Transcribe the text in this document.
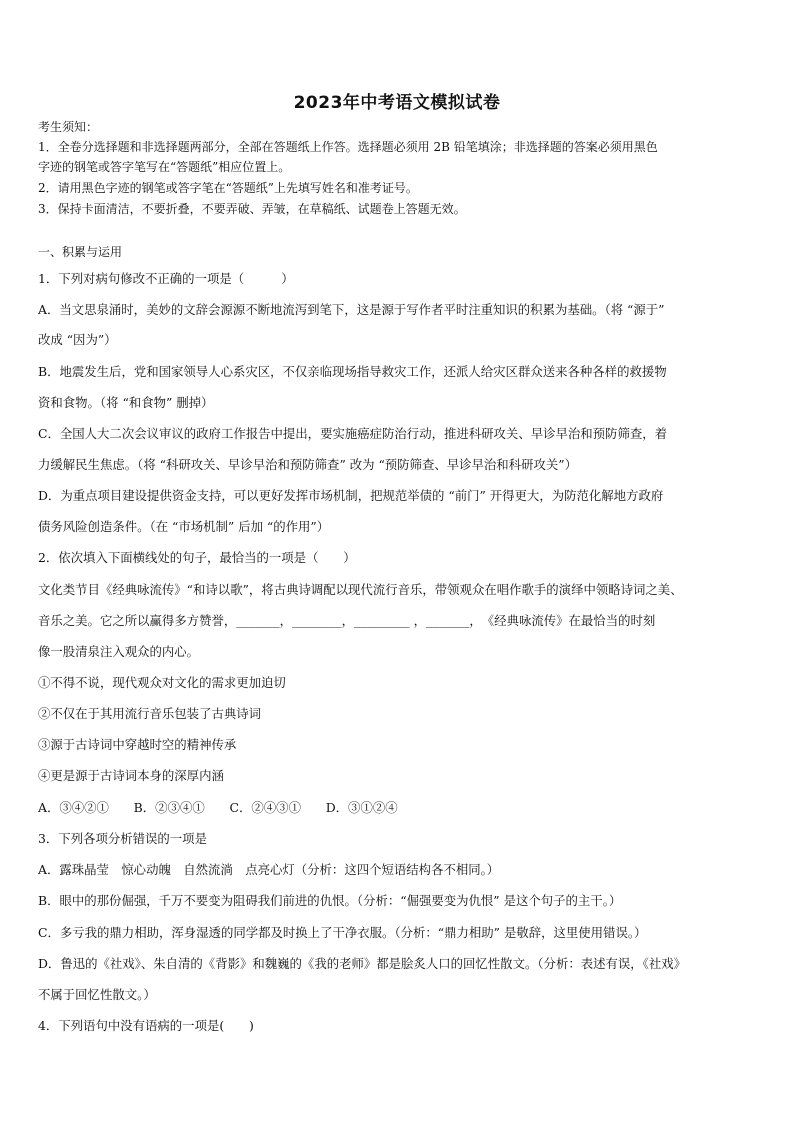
2023年中考语文模拟试卷
考生须知：
1．全卷分选择题和非选择题两部分，全部在答题纸上作答。选择题必须用 2B 铅笔填涂；非选择题的答案必须用黑色
字迹的钢笔或答字笔写在“答题纸”相应位置上。
2．请用黑色字迹的钢笔或答字笔在“答题纸”上先填写姓名和准考证号。
3．保持卡面清洁，不要折叠，不要弄破、弄皱，在草稿纸、试题卷上答题无效。
一、积累与运用
1．下列对病句修改不正确的一项是（　　　）
A．当文思泉涌时，美妙的文辞会源源不断地流泻到笔下，这是源于写作者平时注重知识的积累为基础。（将 “源于”
改成 “因为”）
B．地震发生后，党和国家领导人心系灾区，不仅亲临现场指导救灾工作，还派人给灾区群众送来各种各样的救援物
资和食物。（将 “和食物” 删掉）
C．全国人大二次会议审议的政府工作报告中提出，要实施癌症防治行动，推进科研攻关、早诊早治和预防筛查，着
力缓解民生焦虑。（将 “科研攻关、早诊早治和预防筛查” 改为 “预防筛查、早诊早治和科研攻关”）
D．为重点项目建设提供资金支持，可以更好发挥市场机制，把规范举债的 “前门” 开得更大，为防范化解地方政府
债务风险创造条件。（在 “市场机制” 后加 “的作用”）
2．依次填入下面横线处的句子，最恰当的一项是（　　）
文化类节目《经典咏流传》“和诗以歌”，将古典诗调配以现代流行音乐，带领观众在唱作歌手的演绎中领略诗词之美、
音乐之美。它之所以赢得多方赞誉，_______，________，_________ ，_______，　《经典咏流传》在最恰当的时刻
像一股清泉注入观众的内心。
①不得不说，现代观众对文化的需求更加迫切
②不仅在于其用流行音乐包装了古典诗词
③源于古诗词中穿越时空的精神传承
④更是源于古诗词本身的深厚内涵
A．③④②①　　B．②③④①　　C．②④③①　　D．③①②④
3．下列各项分析错误的一项是
A．露珠晶莹　惊心动魄　自然流淌　点亮心灯（分析：这四个短语结构各不相同。）
B．眼中的那份倔强，千万不要变为阻碍我们前进的仇恨。（分析：“倔强要变为仇恨” 是这个句子的主干。）
C．多亏我的鼎力相助，浑身湿透的同学都及时换上了干净衣服。（分析：“鼎力相助” 是敬辞，这里使用错误。）
D．鲁迅的《社戏》、朱自清的《背影》和魏巍的《我的老师》都是脍炙人口的回忆性散文。（分析：表述有误，《社戏》
不属于回忆性散文。）
4．下列语句中没有语病的一项是(　　)
